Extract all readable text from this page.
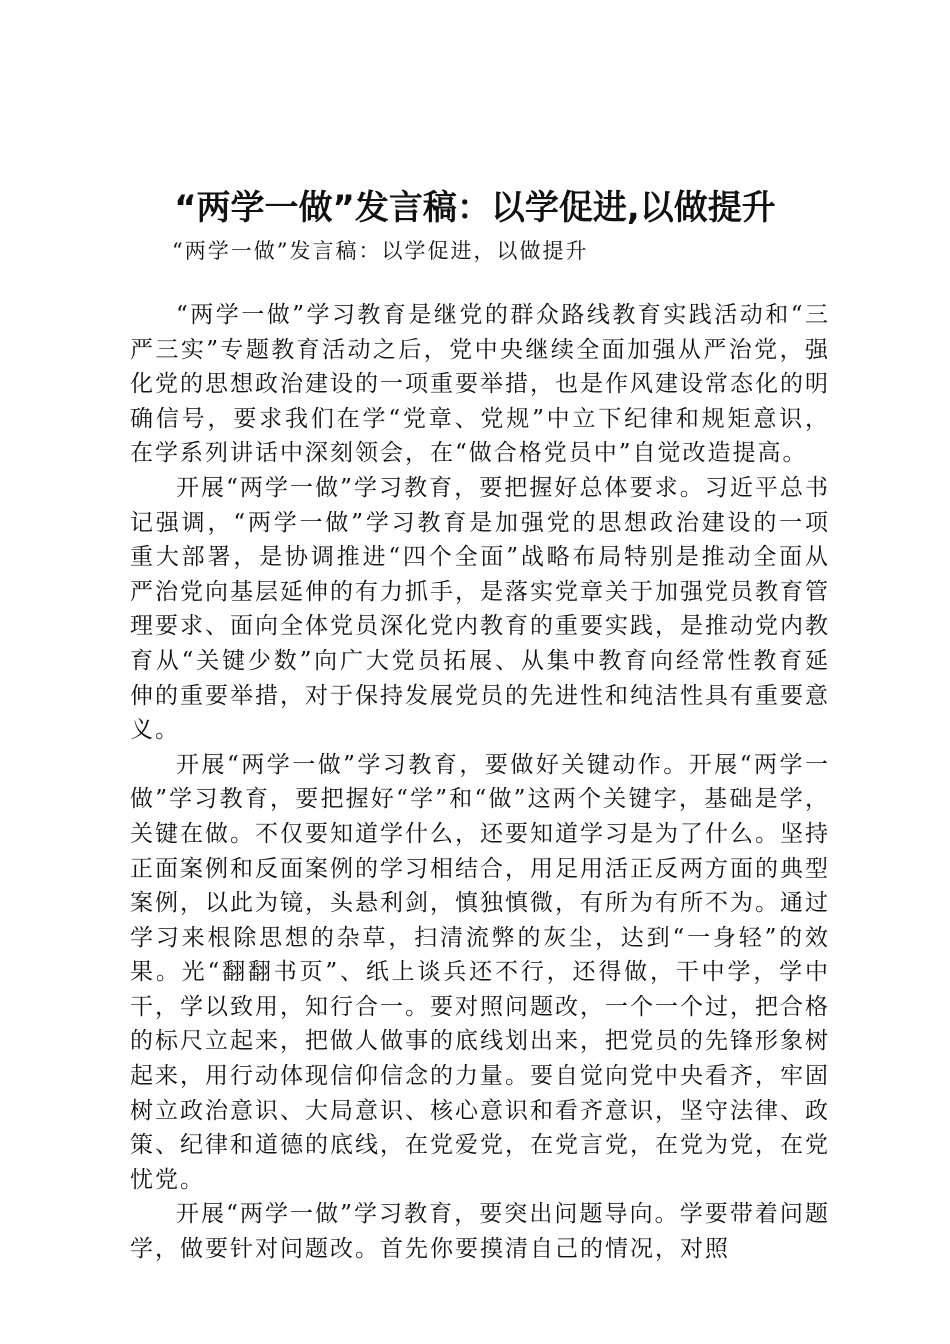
“两学一做”发言稿：以学促进,以做提升
“两学一做”发言稿：以学促进，以做提升

“两学一做”学习教育是继党的群众路线教育实践活动和“三严三实”专题教育活动之后，党中央继续全面加强从严治党，强化党的思想政治建设的一项重要举措，也是作风建设常态化的明确信号，要求我们在学“党章、党规”中立下纪律和规矩意识，在学系列讲话中深刻领会，在“做合格党员中”自觉改造提高。

开展“两学一做”学习教育，要把握好总体要求。习近平总书记强调，“两学一做”学习教育是加强党的思想政治建设的一项重大部署，是协调推进“四个全面”战略布局特别是推动全面从严治党向基层延伸的有力抓手，是落实党章关于加强党员教育管理要求、面向全体党员深化党内教育的重要实践，是推动党内教育从“关键少数”向广大党员拓展、从集中教育向经常性教育延伸的重要举措，对于保持发展党员的先进性和纯洁性具有重要意义。

开展“两学一做”学习教育，要做好关键动作。开展“两学一做”学习教育，要把握好“学”和“做”这两个关键字，基础是学，关键在做。不仅要知道学什么，还要知道学习是为了什么。坚持正面案例和反面案例的学习相结合，用足用活正反两方面的典型案例，以此为镜，头悬利剑，慎独慎微，有所为有所不为。通过学习来根除思想的杂草，扫清流弊的灰尘，达到“一身轻”的效果。光“翻翻书页”、纸上谈兵还不行，还得做，干中学，学中干，学以致用，知行合一。要对照问题改，一个一个过，把合格的标尺立起来，把做人做事的底线划出来，把党员的先锋形象树起来，用行动体现信仰信念的力量。要自觉向党中央看齐，牢固树立政治意识、大局意识、核心意识和看齐意识，坚守法律、政策、纪律和道德的底线，在党爱党，在党言党，在党为党，在党忧党。

开展“两学一做”学习教育，要突出问题导向。学要带着问题学，做要针对问题改。首先你要摸清自己的情况，对照
